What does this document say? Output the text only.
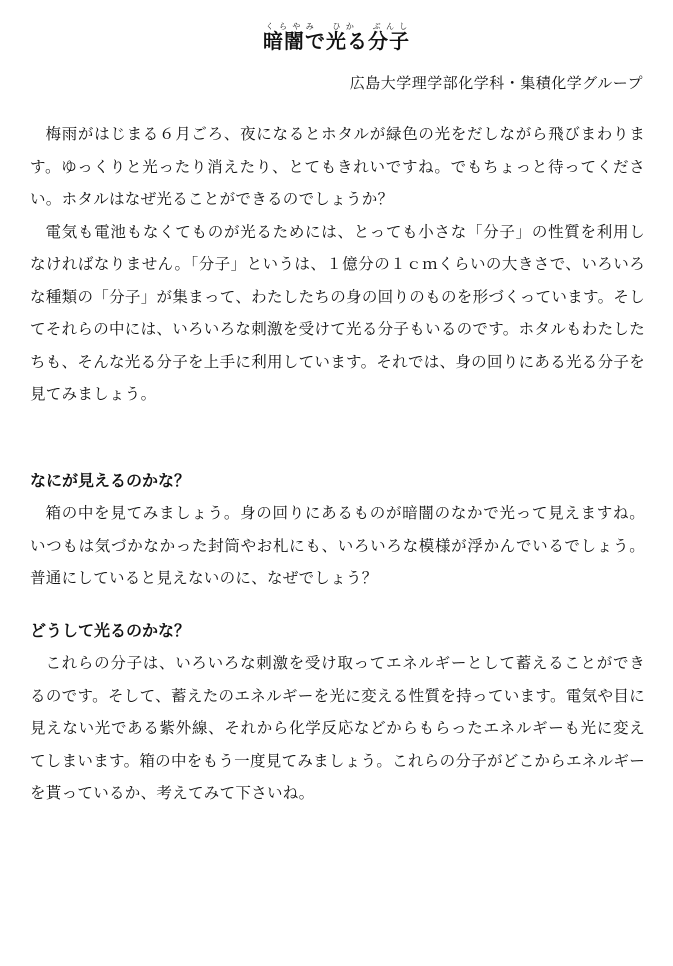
暗闇で光る分子くらやみ　ひか　ぶんし
広島大学理学部化学科・集積化学グループ

梅雨がはじまる６月ごろ、夜になるとホタルが緑色の光をだしながら飛びまわります。ゆっくりと光ったり消えたり、とてもきれいですね。でもちょっと待ってください。ホタルはなぜ光ることができるのでしょうか？

電気も電池もなくてものが光るためには、とっても小さな「分子」の性質を利用しなければなりません。「分子」というは、１億分の１ｃｍくらいの大きさで、いろいろな種類の「分子」が集まって、わたしたちの身の回りのものを形づくっています。そしてそれらの中には、いろいろな刺激を受けて光る分子もいるのです。ホタルもわたしたちも、そんな光る分子を上手に利用しています。それでは、身の回りにある光る分子を見てみましょう。

なにが見えるのかな？

箱の中を見てみましょう。身の回りにあるものが暗闇のなかで光って見えますね。いつもは気づかなかった封筒やお札にも、いろいろな模様が浮かんでいるでしょう。普通にしていると見えないのに、なぜでしょう？

どうして光るのかな？

これらの分子は、いろいろな刺激を受け取ってエネルギーとして蓄えることができるのです。そして、蓄えたのエネルギーを光に変える性質を持っています。電気や目に見えない光である紫外線、それから化学反応などからもらったエネルギーも光に変えてしまいます。箱の中をもう一度見てみましょう。これらの分子がどこからエネルギーを貰っているか、考えてみて下さいね。
